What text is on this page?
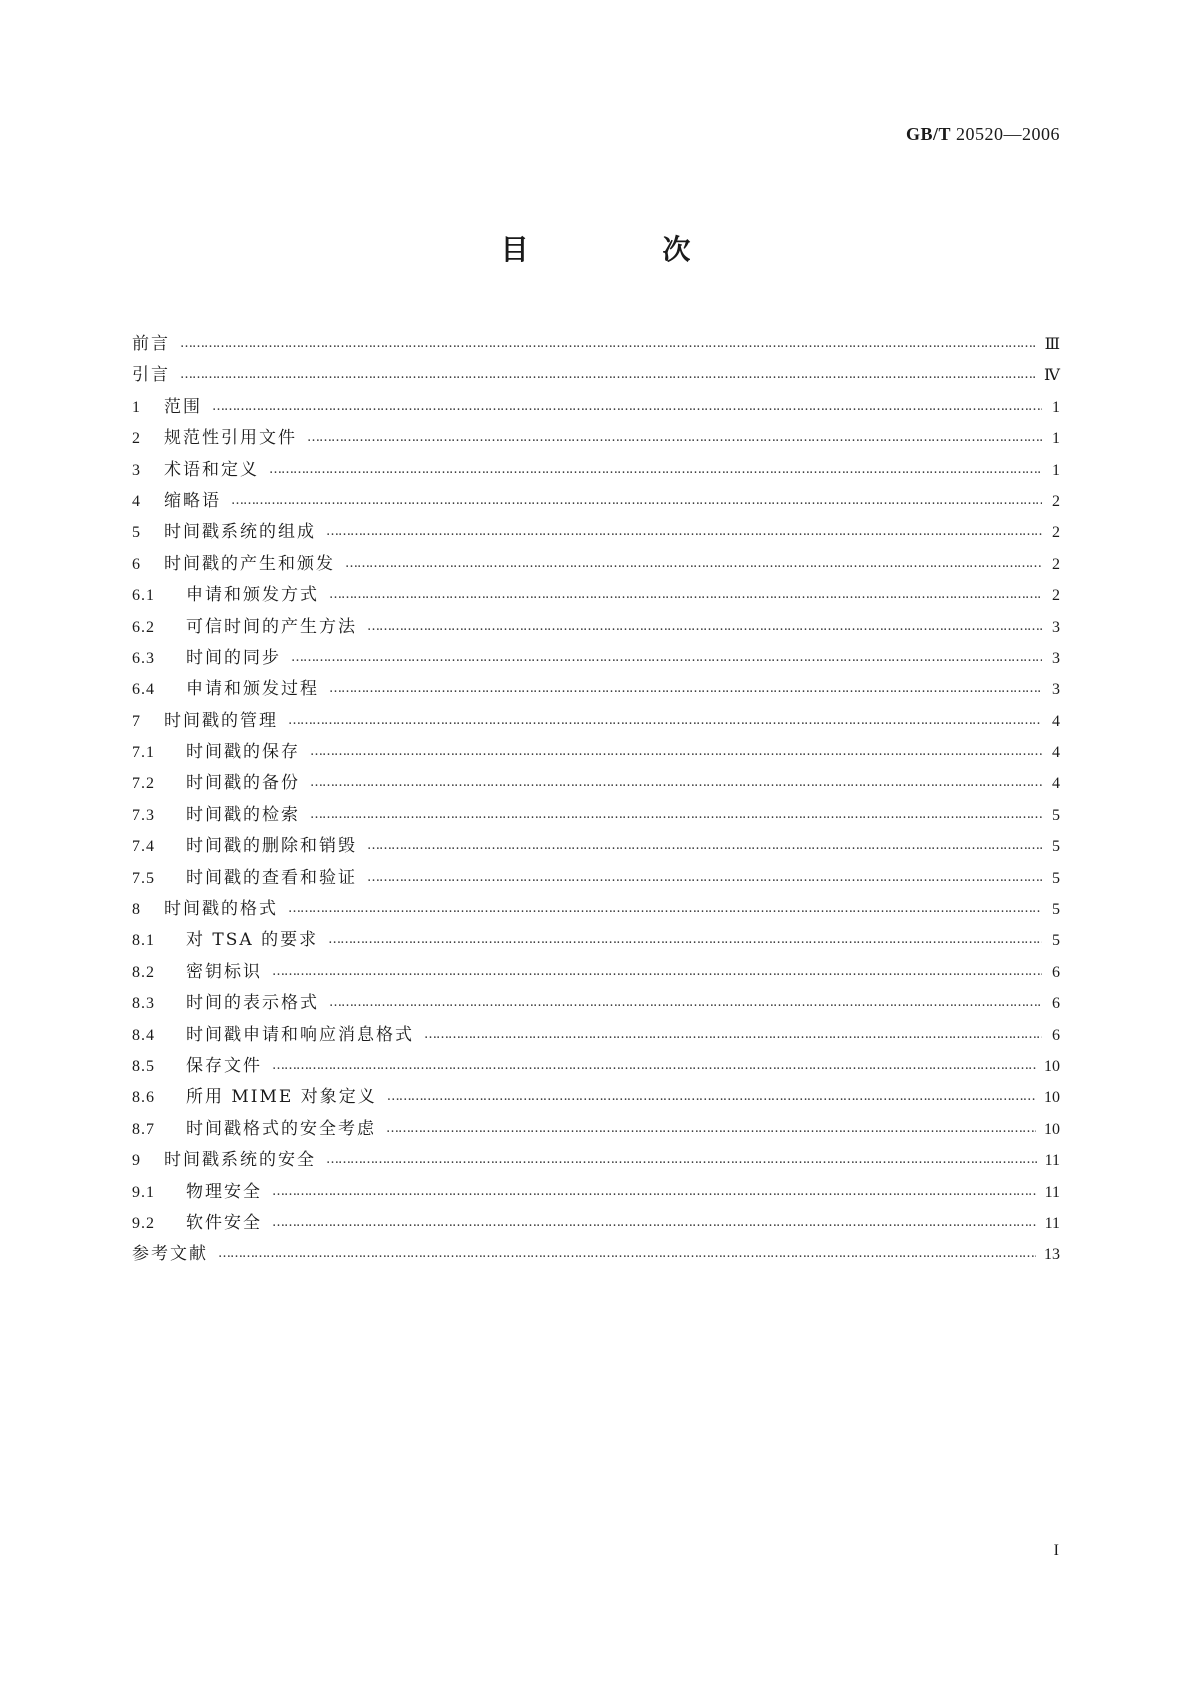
GB/T 20520—2006
目 次
前言 ……………………………………………………………………………………………………………………………………………………………………………………………………………………………	Ⅲ
引言 ……………………………………………………………………………………………………………………………………………………………………………………………………………………………	Ⅳ
1	范围 ……………………………………………………………………………………………………………………………………………………………………………………………………………………………	1
2	规范性引用文件 ……………………………………………………………………………………………………………………………………………………………………………………………………………………………	1
3	术语和定义 ……………………………………………………………………………………………………………………………………………………………………………………………………………………………	1
4	缩略语 ……………………………………………………………………………………………………………………………………………………………………………………………………………………………	2
5	时间戳系统的组成 ……………………………………………………………………………………………………………………………………………………………………………………………………………………………	2
6	时间戳的产生和颁发 ……………………………………………………………………………………………………………………………………………………………………………………………………………………………	2
6.1	申请和颁发方式 ……………………………………………………………………………………………………………………………………………………………………………………………………………………………	2
6.2	可信时间的产生方法 ……………………………………………………………………………………………………………………………………………………………………………………………………………………………	3
6.3	时间的同步 ……………………………………………………………………………………………………………………………………………………………………………………………………………………………	3
6.4	申请和颁发过程 ……………………………………………………………………………………………………………………………………………………………………………………………………………………………	3
7	时间戳的管理 ……………………………………………………………………………………………………………………………………………………………………………………………………………………………	4
7.1	时间戳的保存 ……………………………………………………………………………………………………………………………………………………………………………………………………………………………	4
7.2	时间戳的备份 ……………………………………………………………………………………………………………………………………………………………………………………………………………………………	4
7.3	时间戳的检索 ……………………………………………………………………………………………………………………………………………………………………………………………………………………………	5
7.4	时间戳的删除和销毁 ……………………………………………………………………………………………………………………………………………………………………………………………………………………………	5
7.5	时间戳的查看和验证 ……………………………………………………………………………………………………………………………………………………………………………………………………………………………	5
8	时间戳的格式 ……………………………………………………………………………………………………………………………………………………………………………………………………………………………	5
8.1	对 TSA 的要求 ……………………………………………………………………………………………………………………………………………………………………………………………………………………………	5
8.2	密钥标识 ……………………………………………………………………………………………………………………………………………………………………………………………………………………………	6
8.3	时间的表示格式 ……………………………………………………………………………………………………………………………………………………………………………………………………………………………	6
8.4	时间戳申请和响应消息格式 ……………………………………………………………………………………………………………………………………………………………………………………………………………………………	6
8.5	保存文件 ……………………………………………………………………………………………………………………………………………………………………………………………………………………………	10
8.6	所用 MIME 对象定义 ……………………………………………………………………………………………………………………………………………………………………………………………………………………………	10
8.7	时间戳格式的安全考虑 ……………………………………………………………………………………………………………………………………………………………………………………………………………………………	10
9	时间戳系统的安全 ……………………………………………………………………………………………………………………………………………………………………………………………………………………………	11
9.1	物理安全 ……………………………………………………………………………………………………………………………………………………………………………………………………………………………	11
9.2	软件安全 ……………………………………………………………………………………………………………………………………………………………………………………………………………………………	11
参考文献 ……………………………………………………………………………………………………………………………………………………………………………………………………………………………	13
I
